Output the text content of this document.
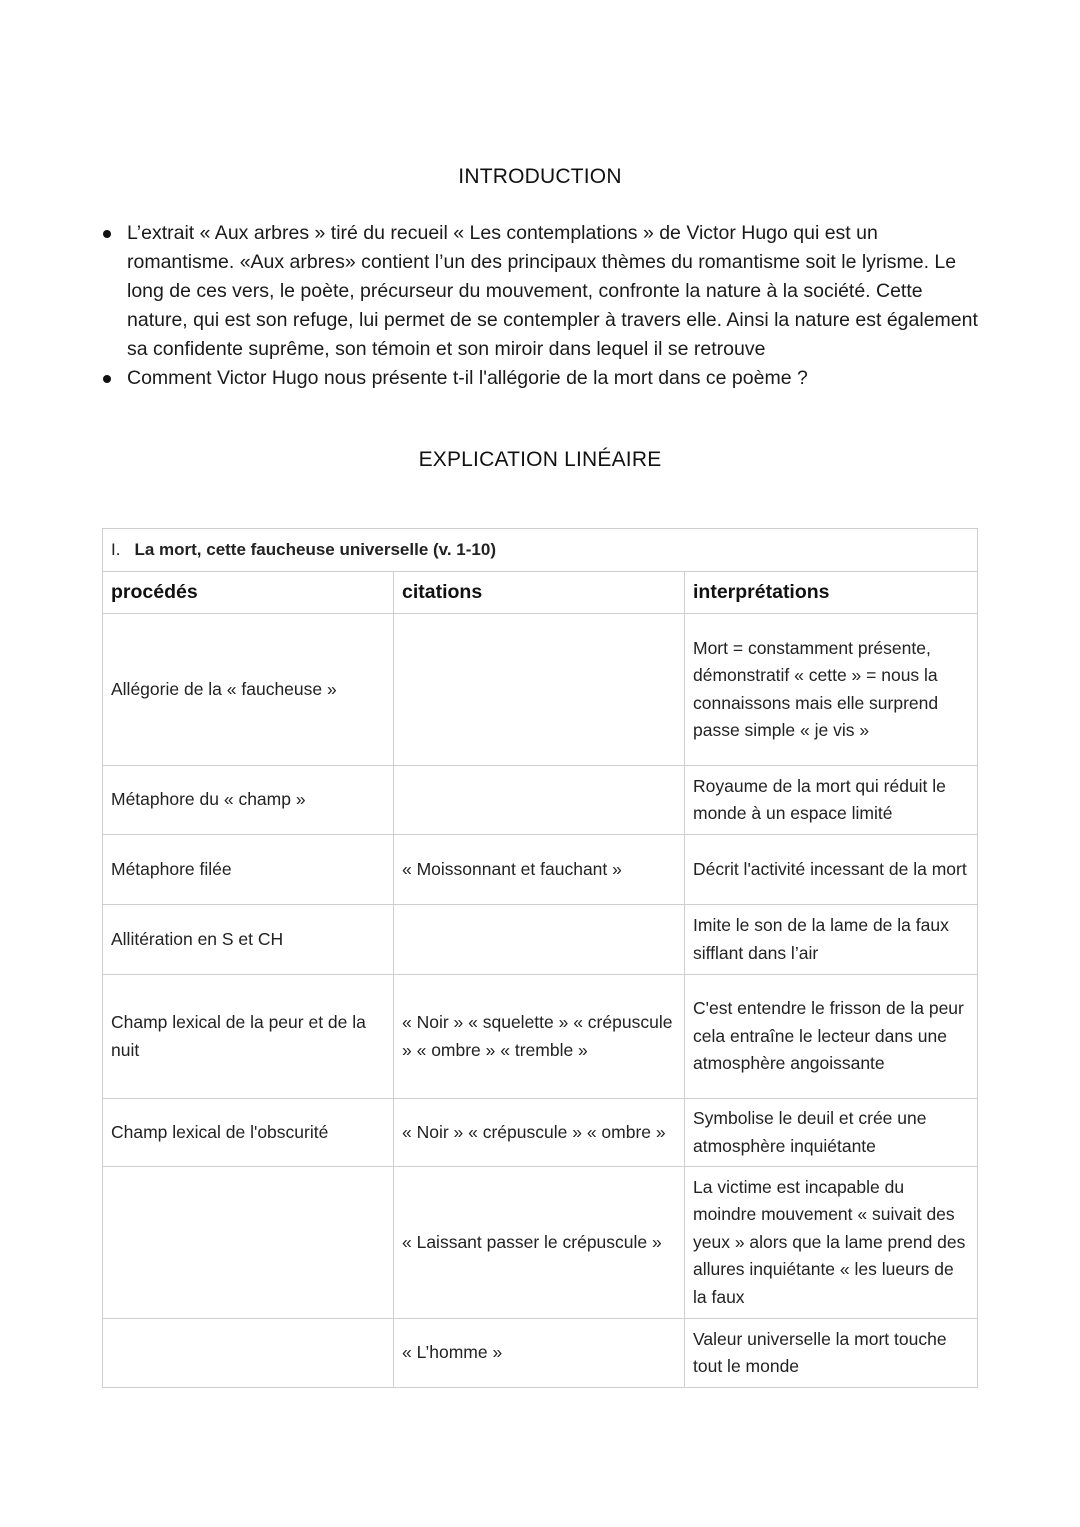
INTRODUCTION
L’extrait « Aux arbres » tiré du recueil « Les contemplations » de Victor Hugo qui est un romantisme. «Aux arbres» contient l’un des principaux thèmes du romantisme soit le lyrisme. Le long de ces vers, le poète, précurseur du mouvement, confronte la nature à la société. Cette nature, qui est son refuge, lui permet de se contempler à travers elle. Ainsi la nature est également sa confidente suprême, son témoin et son miroir dans lequel il se retrouve
Comment Victor Hugo nous présente t-il l'allégorie de la mort dans ce poème ?
EXPLICATION LINÉAIRE
I. La mort, cette faucheuse universelle (v. 1-10)		
procédés	citations	interprétations
Allégorie de la « faucheuse »		Mort = constamment présente, démonstratif « cette » = nous la connaissons mais elle surprend passe simple « je vis »
Métaphore du « champ »		Royaume de la mort qui réduit le monde à un espace limité
Métaphore filée	« Moissonnant et fauchant »	Décrit l'activité incessant de la mort
Allitération en S et CH		Imite le son de la lame de la faux sifflant dans l’air
Champ lexical de la peur et de la nuit	« Noir » « squelette » « crépuscule » « ombre » « tremble »	C'est entendre le frisson de la peur cela entraîne le lecteur dans une atmosphère angoissante
Champ lexical de l'obscurité	« Noir » « crépuscule » « ombre »	Symbolise le deuil et crée une atmosphère inquiétante
	« Laissant passer le crépuscule »	La victime est incapable du moindre mouvement « suivait des yeux » alors que la lame prend des allures inquiétante « les lueurs de la faux
	« L’homme »	Valeur universelle la mort touche tout le monde
